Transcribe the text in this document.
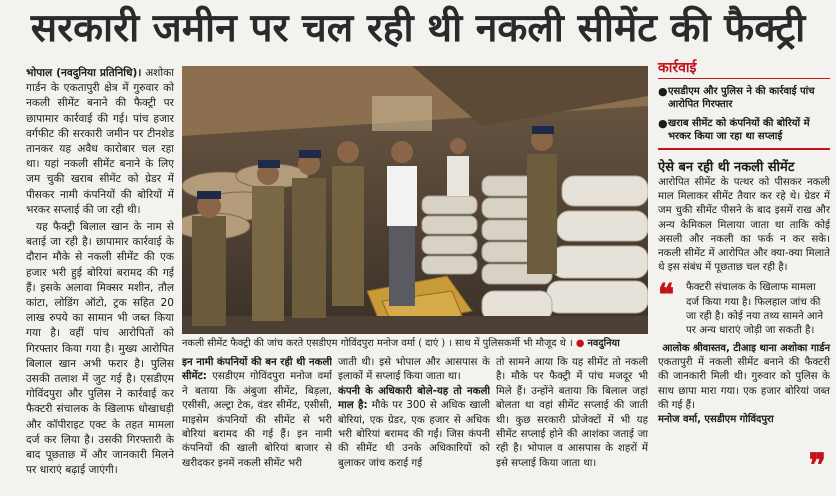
सरकारी जमीन पर चल रही थी नकली सीमेंट की फैक्ट्री

भोपाल (नवदुनिया प्रतिनिधि)। अशोका गार्डन के एकतापुरी क्षेत्र में गुरुवार को नकली सीमेंट बनाने की फैक्ट्री पर छापामार कार्रवाई की गई। पांच हजार वर्गफीट की सरकारी जमीन पर टीनशेड तानकर यह अवैध कारोबार चल रहा था। यहां नकली सीमेंट बनाने के लिए जम चुकी खराब सीमेंट को ग्रेडर में पीसकर नामी कंपनियों की बोरियों में भरकर सप्लाई की जा रही थी।

यह फैक्ट्री बिलाल खान के नाम से बताई जा रही है। छापामार कार्रवाई के दौरान मौके से नकली सीमेंट की एक हजार भरी हुई बोरियां बरामद की गई हैं। इसके अलावा मिक्सर मशीन, तौल कांटा, लोडिंग ऑटो, ट्रक सहित 20 लाख रुपये का सामान भी जब्त किया गया है। वहीं पांच आरोपितों को गिरफ्तार किया गया है। मुख्य आरोपित बिलाल खान अभी फरार है। पुलिस उसकी तलाश में जुट गई है। एसडीएम गोविंदपुरा और पुलिस ने कार्रवाई कर फैक्टरी संचालक के खिलाफ धोखाधड़ी और कॉपीराइट एक्ट के तहत मामला दर्ज कर लिया है। उसकी गिरफ्तारी के बाद पूछताछ में और जानकारी मिलने पर धाराएं बढ़ाई जाएंगी।

नकली सीमेंट फैक्ट्री की जांच करते एसडीएम गोविंदपुरा मनोज वर्मा ( दाएं ) । साथ में पुलिसकर्मी भी मौजूद थे । ● नवदुनिया
इन नामी कंपनियों की बन रही थी नकली सीमेंट: एसडीएम गोविंदपुरा मनोज वर्मा ने बताया कि अंबुजा सीमेंट, बिड़ला, एसीसी, अल्ट्रा टेक, वंडर सीमेंट, एसीसी, माइसेम कंपनियों की सीमेंट से भरी बोरियां बरामद की गई हैं। इन नामी कंपनियों की खाली बोरियां बाजार से खरीदकर इनमें नकली सीमेंट भरी
जाती थी। इसे भोपाल और आसपास के इलाकों में सप्लाई किया जाता था।
कंपनी के अधिकारी बोले-यह तो नकली माल है: मौके पर 300 से अधिक खाली बोरियां, एक ग्रेडर, एक हजार से अधिक भरी बोरियां बरामद की गईं। जिस कंपनी की सीमेंट थी उनके अधिकारियों को बुलाकर जांच कराई गई
तो सामने आया कि यह सीमेंट तो नकली है। मौके पर फैक्ट्री में पांच मजदूर भी मिले हैं। उन्होंने बताया कि बिलाल जहां बोलता था वहां सीमेंट सप्लाई की जाती थी। कुछ सरकारी प्रोजेक्टों में भी यह सीमेंट सप्लाई होने की आशंका जताई जा रही है। भोपाल व आसपास के शहरों में इसे सप्लाई किया जाता था।
कार्रवाई
● एसडीएम और पुलिस ने की कार्रवाई पांच आरोपित गिरफ्तार
● खराब सीमेंट को कंपनियों की बोरियों में भरकर किया जा रहा था सप्लाई
ऐसे बन रही थी नकली सीमेंट
आरोपित सीमेंट के पत्थर को पीसकर नकली माल मिलाकर सीमेंट तैयार कर रहे थे। ग्रेडर में जम चुकी सीमेंट पीसने के बाद इसमें राख और अन्य केमिकल मिलाया जाता था ताकि कोई असली और नकली का फर्क न कर सके। नकली सीमेंट में आरोपित और क्या-क्या मिलाते थे इस संबंध में पूछताछ चल रही है।
❝ फैक्टरी संचालक के खिलाफ मामला दर्ज किया गया है। फिलहाल जांच की जा रही है। कोई नया तथ्य सामने आने पर अन्य धाराएं जोड़ी जा सकती है।
आलोक श्रीवास्तव, टीआइ थाना अशोका गार्डन
एकतापुरी में नकली सीमेंट बनाने की फैक्टरी की जानकारी मिली थी। गुरुवार को पुलिस के साथ छापा मारा गया। एक हजार बोरियां जब्त की गई हैं।
मनोज वर्मा, एसडीएम गोविंदपुरा
❞
